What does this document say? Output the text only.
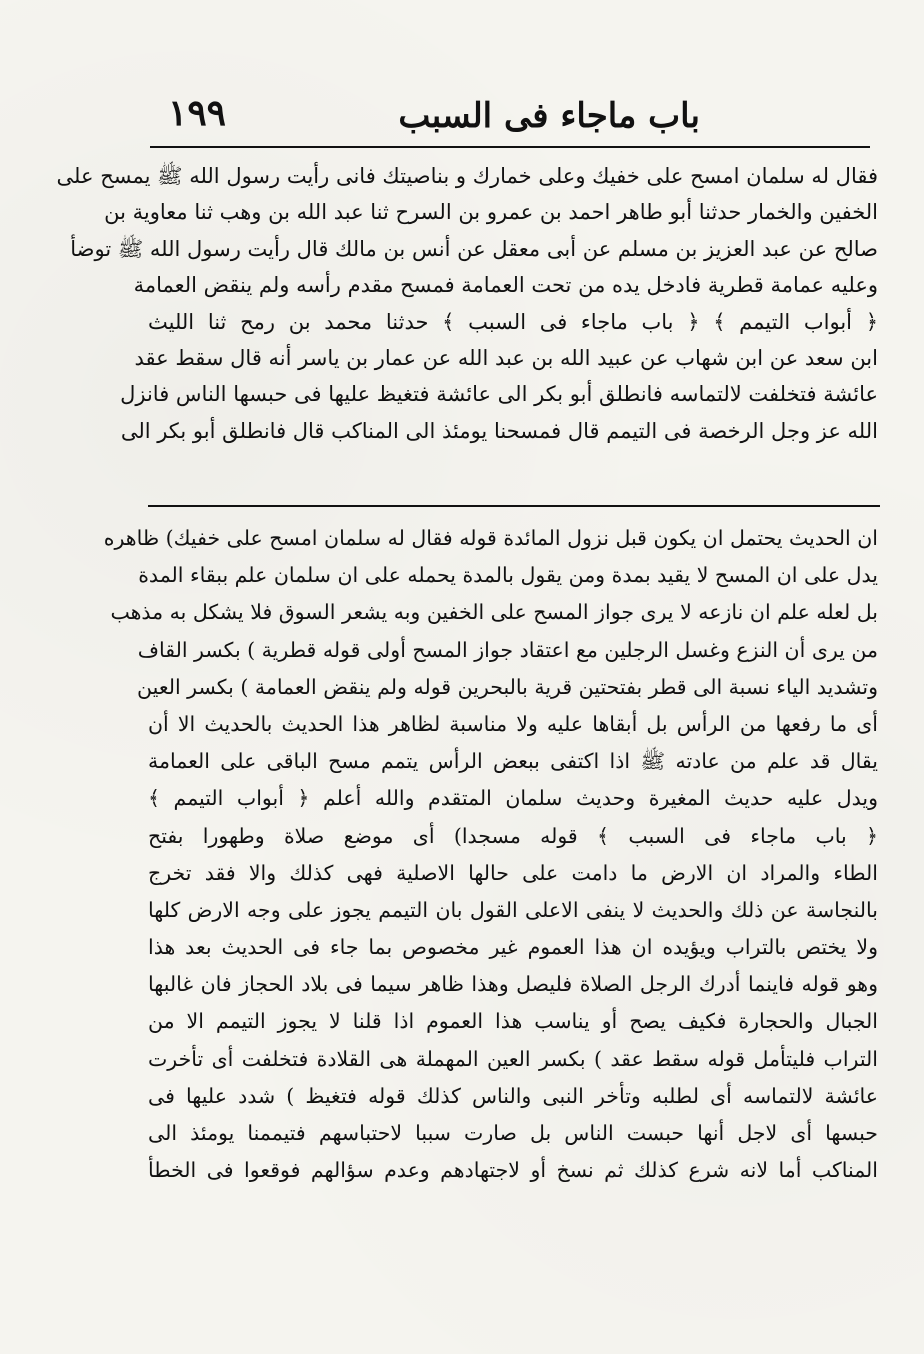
باب ماجاء فى السبب
١٩٩
فقال له سلمان امسح على خفيك وعلى خمارك و بناصيتك فانى رأيت رسول الله ﷺ يمسح على
الخفين والخمار حدثنا أبو طاهر احمد بن عمرو بن السرح ثنا عبد الله بن وهب ثنا معاوية بن
صالح عن عبد العزيز بن مسلم عن أبى معقل عن أنس بن مالك قال رأيت رسول الله ﷺ توضأ
وعليه عمامة قطرية فادخل يده من تحت العمامة فمسح مقدم رأسه ولم ينقض العمامة
﴿ أبواب التيمم ﴾ ﴿ باب ماجاء فى السبب ﴾ حدثنا محمد بن رمح ثنا الليث
ابن سعد عن ابن شهاب عن عبيد الله بن عبد الله عن عمار بن ياسر أنه قال سقط عقد
عائشة فتخلفت لالتماسه فانطلق أبو بكر الى عائشة فتغيظ عليها فى حبسها الناس فانزل
الله عز وجل الرخصة فى التيمم قال فمسحنا يومئذ الى المناكب قال فانطلق أبو بكر الى
ان الحديث يحتمل ان يكون قبل نزول المائدة قوله فقال له سلمان امسح على خفيك) ظاهره
يدل على ان المسح لا يقيد بمدة ومن يقول بالمدة يحمله على ان سلمان علم ببقاء المدة
بل لعله علم ان نازعه لا يرى جواز المسح على الخفين وبه يشعر السوق فلا يشكل به مذهب
من يرى أن النزع وغسل الرجلين مع اعتقاد جواز المسح أولى قوله قطرية ) بكسر القاف
وتشديد الياء نسبة الى قطر بفتحتين قرية بالبحرين قوله ولم ينقض العمامة ) بكسر العين
أى ما رفعها من الرأس بل أبقاها عليه ولا مناسبة لظاهر هذا الحديث بالحديث الا أن
يقال قد علم من عادته ﷺ اذا اكتفى ببعض الرأس يتمم مسح الباقى على العمامة
ويدل عليه حديث المغيرة وحديث سلمان المتقدم والله أعلم ﴿ أبواب التيمم ﴾
﴿ باب ماجاء فى السبب ﴾ قوله مسجدا) أى موضع صلاة وطهورا بفتح
الطاء والمراد ان الارض ما دامت على حالها الاصلية فهى كذلك والا فقد تخرج
بالنجاسة عن ذلك والحديث لا ينفى الاعلى القول بان التيمم يجوز على وجه الارض كلها
ولا يختص بالتراب ويؤيده ان هذا العموم غير مخصوص بما جاء فى الحديث بعد هذا
وهو قوله فاينما أدرك الرجل الصلاة فليصل وهذا ظاهر سيما فى بلاد الحجاز فان غالبها
الجبال والحجارة فكيف يصح أو يناسب هذا العموم اذا قلنا لا يجوز التيمم الا من
التراب فليتأمل قوله سقط عقد ) بكسر العين المهملة هى القلادة فتخلفت أى تأخرت
عائشة لالتماسه أى لطلبه وتأخر النبى والناس كذلك قوله فتغيظ ) شدد عليها فى
حبسها أى لاجل أنها حبست الناس بل صارت سببا لاحتباسهم فتيممنا يومئذ الى
المناكب أما لانه شرع كذلك ثم نسخ أو لاجتهادهم وعدم سؤالهم فوقعوا فى الخطأ
